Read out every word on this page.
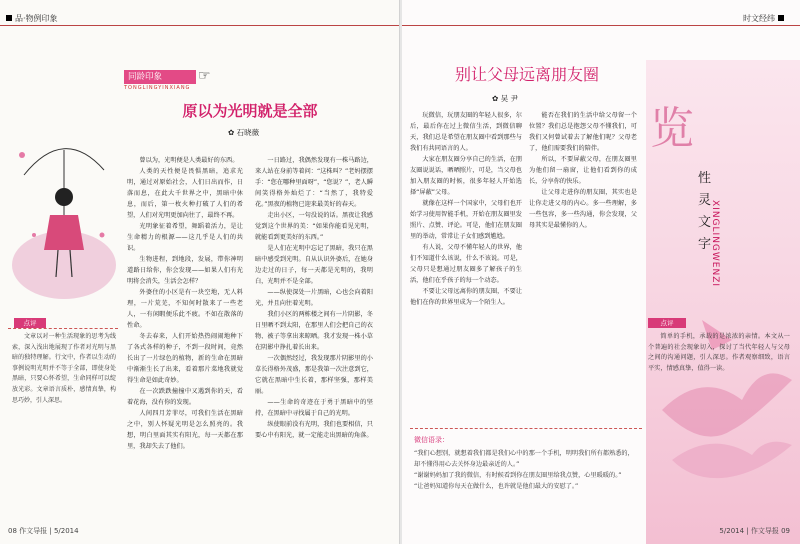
品·物例印象
同龄印象
TONGLINGYINXIANG
☞
原以为光明就是全部
✿ 石晓薇

曾以为，光明便是人类最好的东西。

人类的天性便是畏惧黑暗，追求光明，通过对原始社会，人们日出而作，日落而息，在此大千世界之中，黑暗中休息，而后，第一枚火种打破了人们的希望，人们对光明更加向往了，最终不再。

光明象征着希望，舞蹈着活力，是让生命精力的根源——这几乎是人们的共识。

生物进程，到地段，发展，带你神明道路日给你，你会发现——如果人们有光明将会消失，生活会怎样？

外婆住的小区是有一块空地，无人料理，一片荒芜，不知何时散来了一些老人，一有闲暇便乐此不疲。不如在散落的性命。

冬去春来，人们开始热热闹闹地种下了各式各样的种子，不到一段时间，竟然长出了一片绿色的植物，新的生命在黑暗中渐渐生长了出来，看着那片菜地我就觉得生命是如此奇妙。

在一次跌跌撞撞中又遇到你的天，看着花海，没有你的发现。

人间四月芳菲尽，可我们生活在黑暗之中，别人怀疑光明是怎么照亮的。我想，明白里面其实有阳光，每一天都在那里，我却失去了他们。

一日路过，我偶然发现有一株马路边，来人站在身前等着问：“这株叫？”老妈摆摆手：“您在哪种里面呀”，“您说？”，老人瞬间笑得格外灿烂了：“当然了，我特爱花。”黑夜的植物已迎来最美好的春天。

走出小区，一句没说的话。黑夜让我感觉到这个世界的美：“如果你能看见光明，就能看到更美好的东西。”

是人们在光明中忘记了黑暗，我只在黑暗中感受到光明。自从认识外婆后，在她身边走过的日子，每一天都是光明的，我明白，光明并不是全部。

——纵使深处一片黑暗，心也会向着阳光，并且向往着光明。

我们小区的两栋楼之间有一片阴影，冬日里晒不到太阳，在那里人们会把自己的衣物、被子等拿出来晾晒。我才发现一株小草在阴影中挣扎着长出来。

一次偶然经过，我发现那片阴影里的小草长得格外茂盛，那是我第一次注意到它，它就在黑暗中生长着，那样坚强，那样美丽。

——生命的奇迹在于勇于黑暗中的坚持，在黑暗中寻找属于自己的光明。

纵使眼前没有光明，我们也要相信，只要心中有阳光，就一定能走出黑暗的角落。

点评

文章以对一种生活现象的思考为线索，深入浅出地展现了作者对光明与黑暗的独特理解。行文中，作者以生动的事例说明光明并不等于全部，即使身处黑暗，只要心怀希望，生命同样可以绽放光彩。文章语言质朴，感情真挚，构思巧妙，引人深思。

08 作文导报 | 5/2014
时文经纬
览
性灵文字
XINGLINGWENZI
别让父母远离朋友圈
✿ 吴 尹

玩微信，玩朋友圈的年轻人很多，尔后，最后你在过上微信生活，到微信聊天，我们总是希望在朋友圈中看到那些与我们有共同语言的人。

大家在朋友圈分享自己的生活，在朋友圈说说话，晒晒照片，可是，当父母也加入朋友圈的时候，很多年轻人开始选择“屏蔽”父母。

就像在这样一个国家中，父母们也开始学习使用智能手机，开始在朋友圈里发照片、点赞、评论。可是，他们在朋友圈里的举动，常常让子女们感到尴尬。

有人说，父母不懂年轻人的世界，他们不知道什么该说，什么不该说。可是，父母只是想通过朋友圈多了解孩子的生活，他们在乎孩子的每一个动态。

不要让父母远离你的朋友圈，不要让他们在你的世界里成为一个陌生人。

能否在我们的生活中给父母留一个位置？我们总是抱怨父母不懂我们，可我们又何曾试着去了解他们呢？父母老了，他们需要我们的陪伴。

所以，不要屏蔽父母，在朋友圈里为他们留一扇窗，让他们看到你的成长，分享你的快乐。

让父母走进你的朋友圈，其实也是让你走进父母的内心。多一些理解，多一些包容，多一些沟通，你会发现，父母其实是最懂你的人。

点评

简单的手机，承载的是浓浓的亲情。本文从一个普遍的社会现象切入，探讨了当代年轻人与父母之间的沟通问题，引人深思。作者观察细致，语言平实，情感真挚，值得一读。

微信语录：

“我们心想别，就想着我们都是我们心中的那一个手机，明明我们所有都熟悉的，却不懂得用心去关怀身边最亲近的人。”

“谢谢妈妈加了我的微信，有时候看到你在朋友圈里给我点赞，心里暖暖的。”

“让爸妈知道你每天在做什么，也许就是他们最大的安慰了。”

5/2014 | 作文导报 09
